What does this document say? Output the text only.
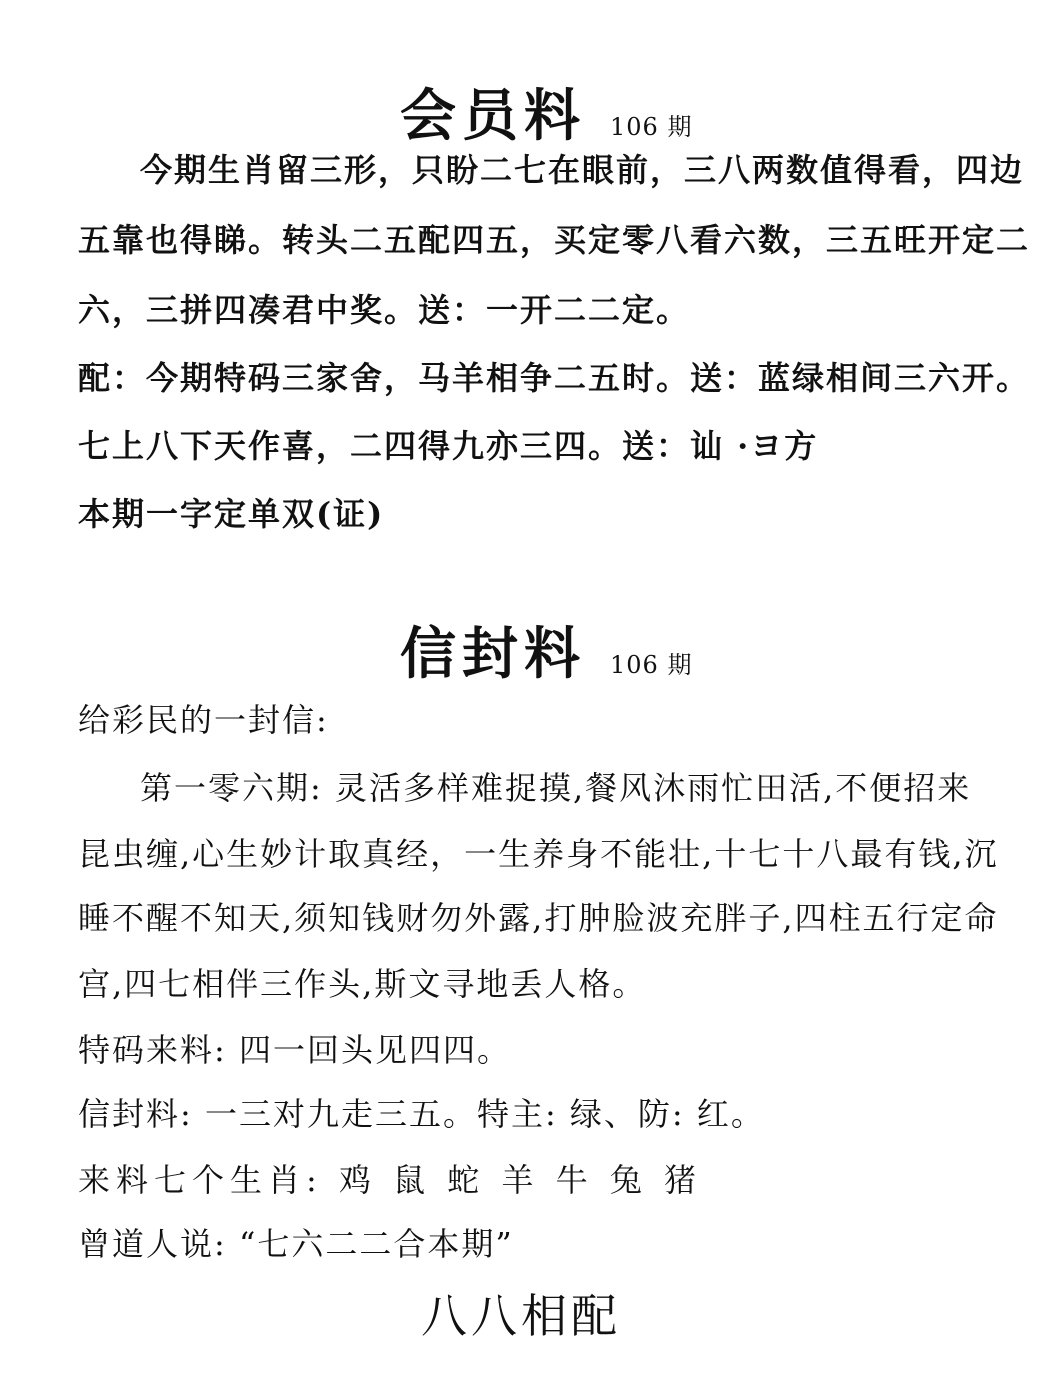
会员料 106 期
今期生肖留三形，只盼二七在眼前，三八两数值得看，四边
五靠也得睇。转头二五配四五，买定零八看六数，三五旺开定二
六，三拼四凑君中奖。送：一开二二定。
配：今期特码三家舍，马羊相争二五时。送：蓝绿相间三六开。
七上八下天作喜，二四得九亦三四。送：讪 ·ヨ方
本期一字定单双(证)
信封料 106 期
给彩民的一封信:
第一零六期: 灵活多样难捉摸,餐风沐雨忙田活,不便招来
昆虫缠,心生妙计取真经，一生养身不能壮,十七十八最有钱,沉
睡不醒不知天,须知钱财勿外露,打肿脸波充胖子,四柱五行定命
宫,四七相伴三作头,斯文寻地丢人格。
特码来料: 四一回头见四四。
信封料: 一三对九走三五。特主: 绿、防: 红。
来料七个生肖: 鸡 鼠 蛇 羊 牛 兔 猪
曾道人说: “七六二二合本期”
八八相配
